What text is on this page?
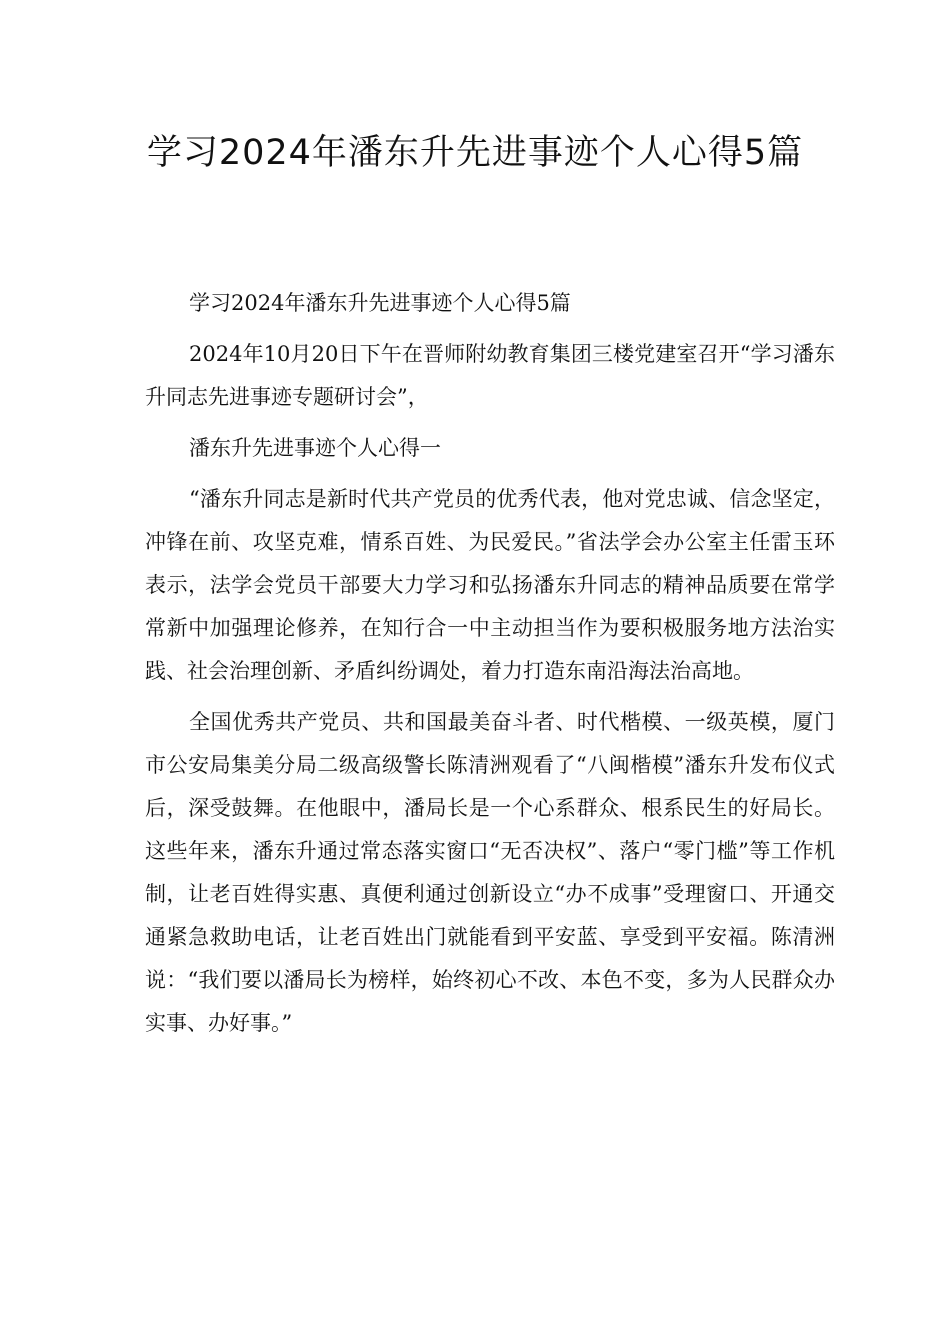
学习2024年潘东升先进事迹个人心得5篇

学习2024年潘东升先进事迹个人心得5篇

2024年10月20日下午在晋师附幼教育集团三楼党建室召开“学习潘东升同志先进事迹专题研讨会”，

潘东升先进事迹个人心得一

“潘东升同志是新时代共产党员的优秀代表，他对党忠诚、信念坚定，冲锋在前、攻坚克难，情系百姓、为民爱民。”省法学会办公室主任雷玉环表示，法学会党员干部要大力学习和弘扬潘东升同志的精神品质要在常学常新中加强理论修养，在知行合一中主动担当作为要积极服务地方法治实践、社会治理创新、矛盾纠纷调处，着力打造东南沿海法治高地。

全国优秀共产党员、共和国最美奋斗者、时代楷模、一级英模，厦门市公安局集美分局二级高级警长陈清洲观看了“八闽楷模”潘东升发布仪式后，深受鼓舞。在他眼中，潘局长是一个心系群众、根系民生的好局长。这些年来，潘东升通过常态落实窗口“无否决权”、落户“零门槛”等工作机制，让老百姓得实惠、真便利通过创新设立“办不成事”受理窗口、开通交通紧急救助电话，让老百姓出门就能看到平安蓝、享受到平安福。陈清洲说：“我们要以潘局长为榜样，始终初心不改、本色不变，多为人民群众办实事、办好事。”
